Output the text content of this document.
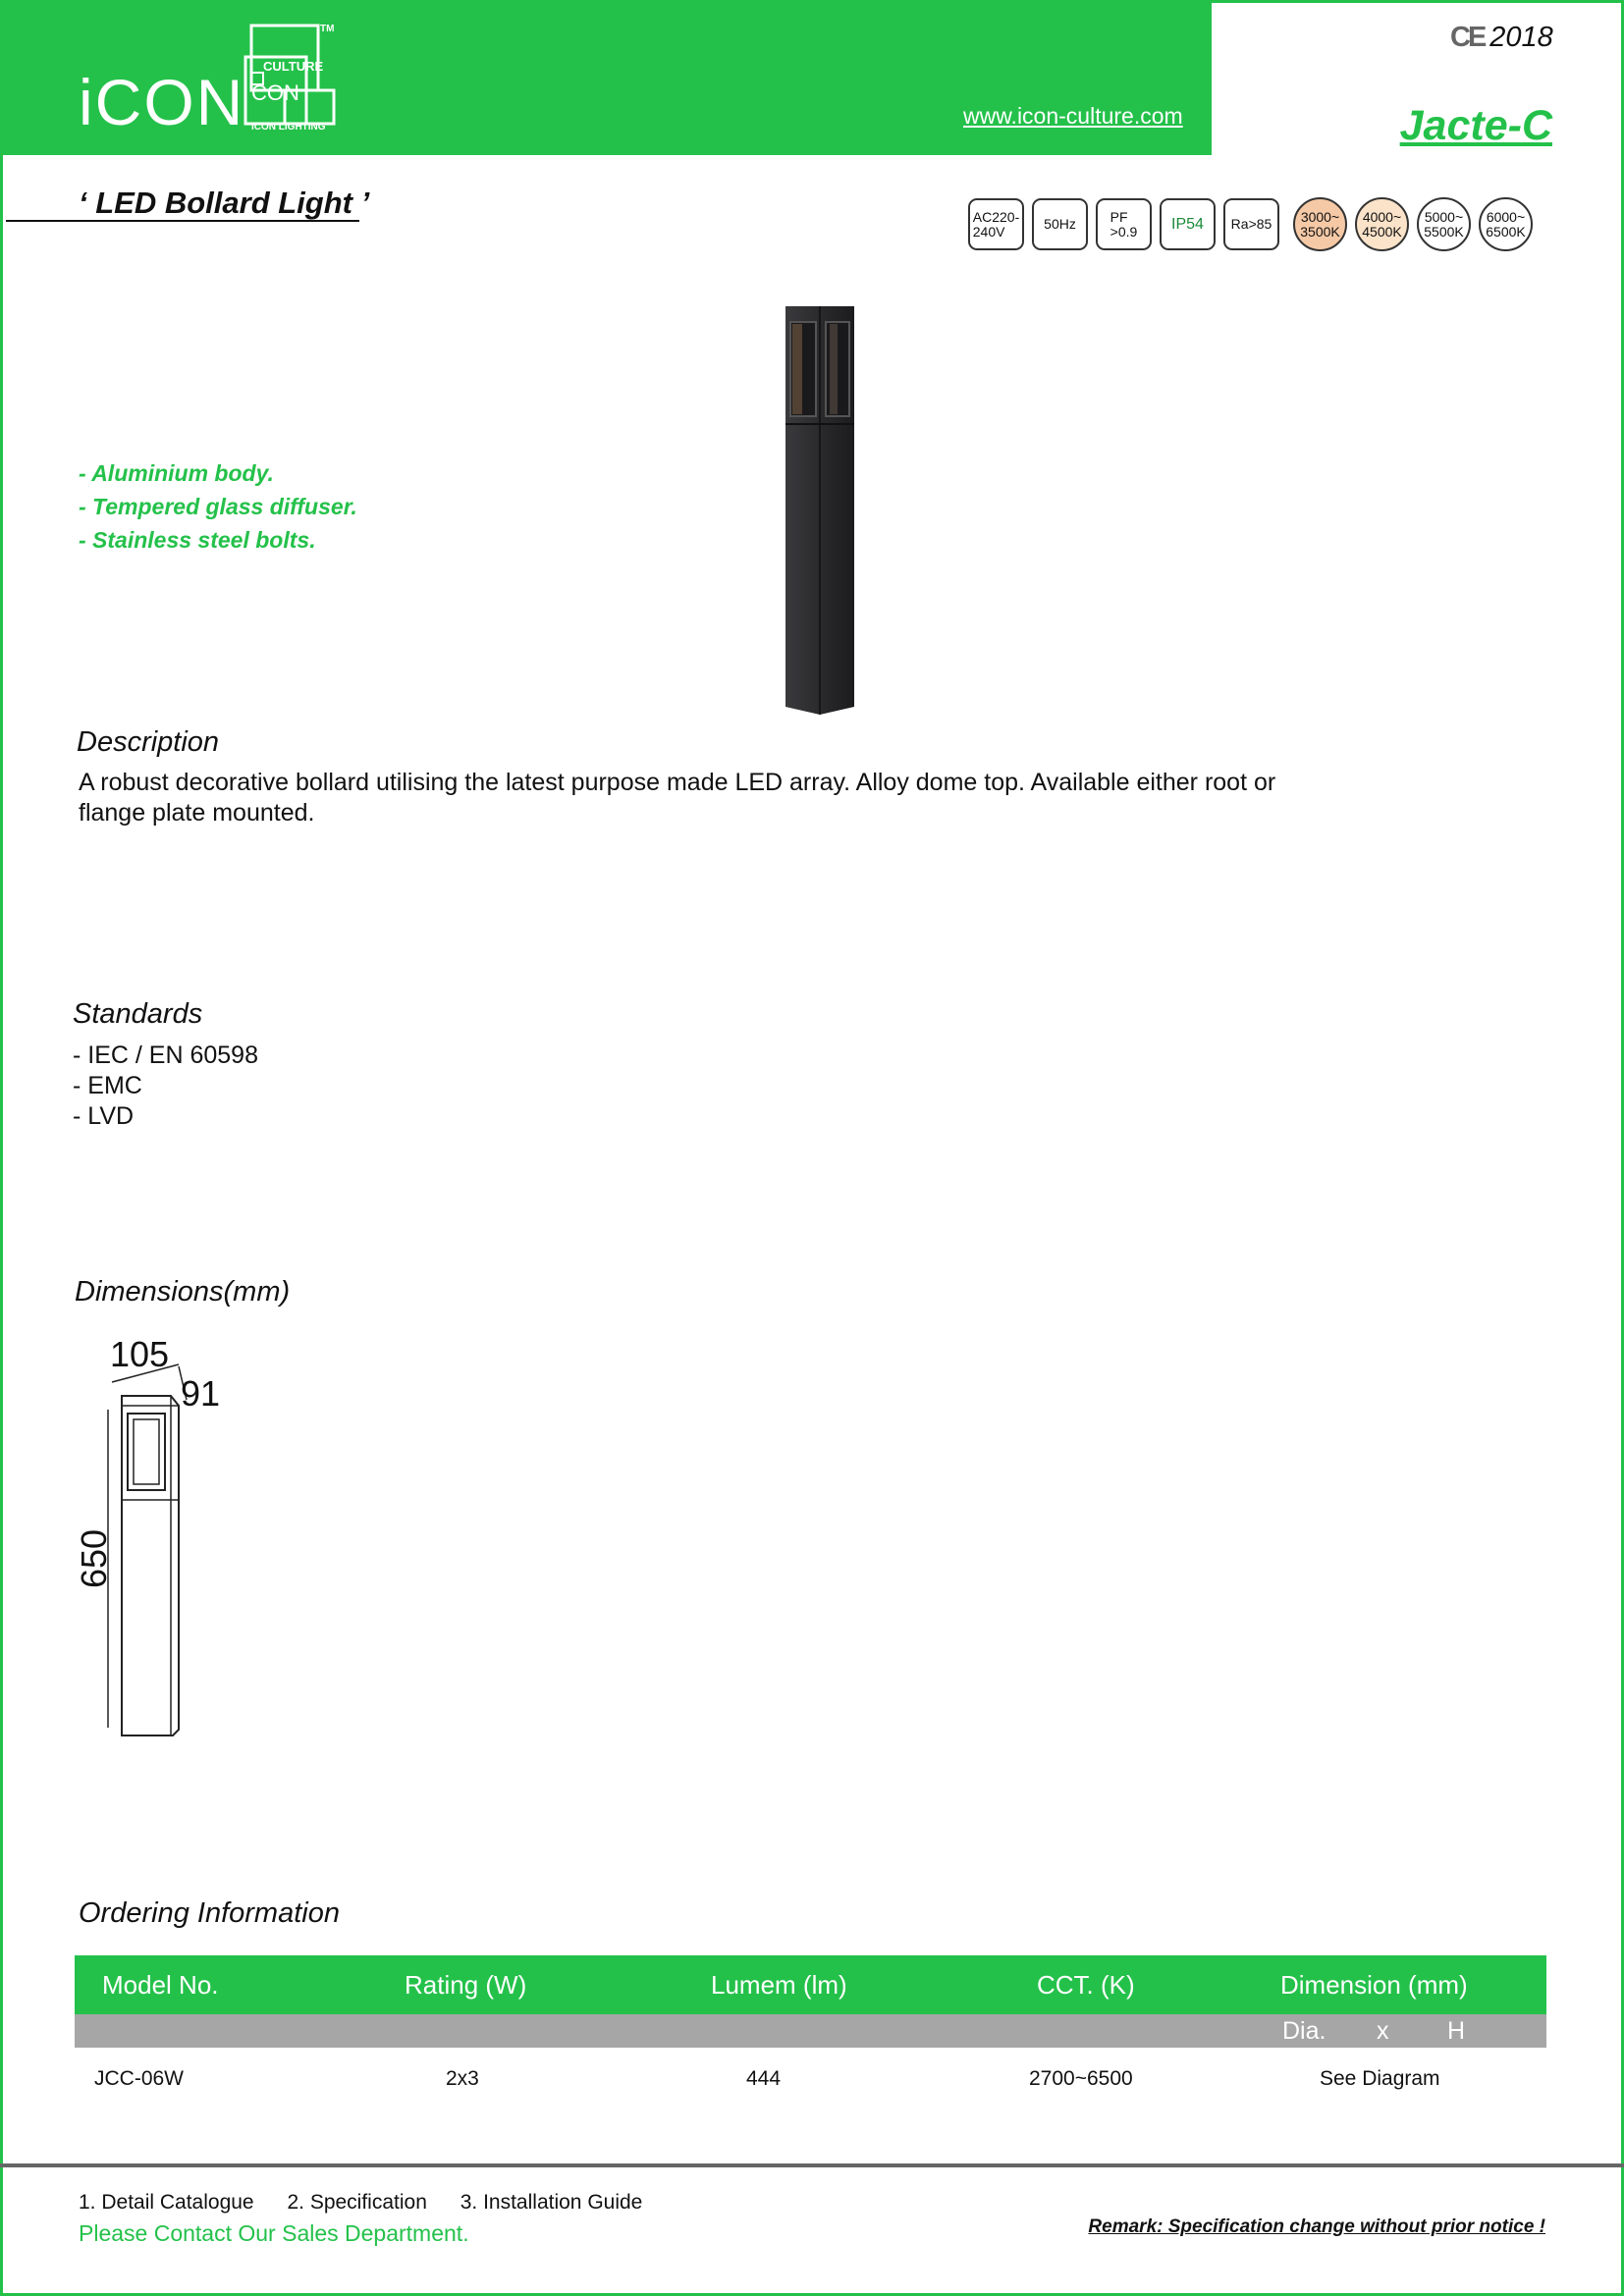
iCON CULTURE
CON
ICON LIGHTING
TM
www.icon-culture.com
CE 2018
Jacte-C
‘ LED Bollard Light ’	AC220-
240V	50Hz	PF
>0.9	IP54	Ra>85	3000~
3500K
4000~
4500K
5000~
5500K
6000~
6500K
- Aluminium body.
- Tempered glass diffuser.
- Stainless steel bolts.
Description
A robust decorative bollard utilising the latest purpose made LED array. Alloy dome top. Available either root or flange plate mounted.
Standards
- IEC / EN 60598
- EMC
- LVD
Dimensions(mm)
105
91
650
Ordering Information
Model No.	Rating (W)	Lumem (lm)	CCT. (K)	Dimension (mm)
Dia. x H
JCC-06W	2x3	444	2700~6500	See Diagram
1. Detail Catalogue 2. Specification 3. Installation Guide
Please Contact Our Sales Department.	Remark: Specification change without prior notice !
